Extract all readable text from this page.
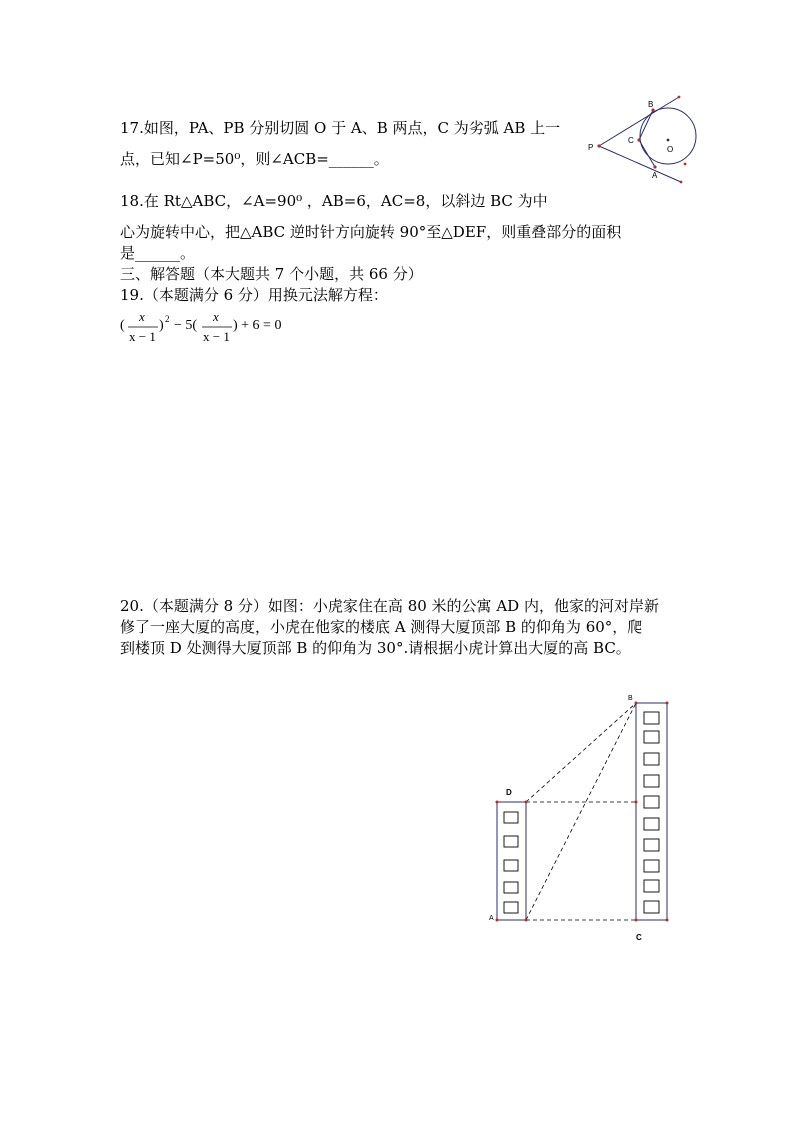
17.如图，PA、PB 分别切圆 O 于 A、B 两点，C 为劣弧 AB 上一
点，已知∠P=50⁰，则∠ACB=______。
P
B
C
O
A
18.在 Rt△ABC，∠A=90⁰ ，AB=6，AC=8，以斜边 BC 为中
心为旋转中心，把△ABC 逆时针方向旋转 90°至△DEF，则重叠部分的面积
是______。
三、解答题（本大题共 7 个小题，共 66 分）
19.（本题满分 6 分）用换元法解方程：
(
x
x − 1
) 2 − 5(
x
x − 1
) + 6 = 0
20.（本题满分 8 分）如图：小虎家住在高 80 米的公寓 AD 内，他家的河对岸新
修了一座大厦的高度，小虎在他家的楼底 A 测得大厦顶部 B 的仰角为 60°，爬
到楼顶 D 处测得大厦顶部 B 的仰角为 30°.请根据小虎计算出大厦的高 BC。
B
D
A
C
